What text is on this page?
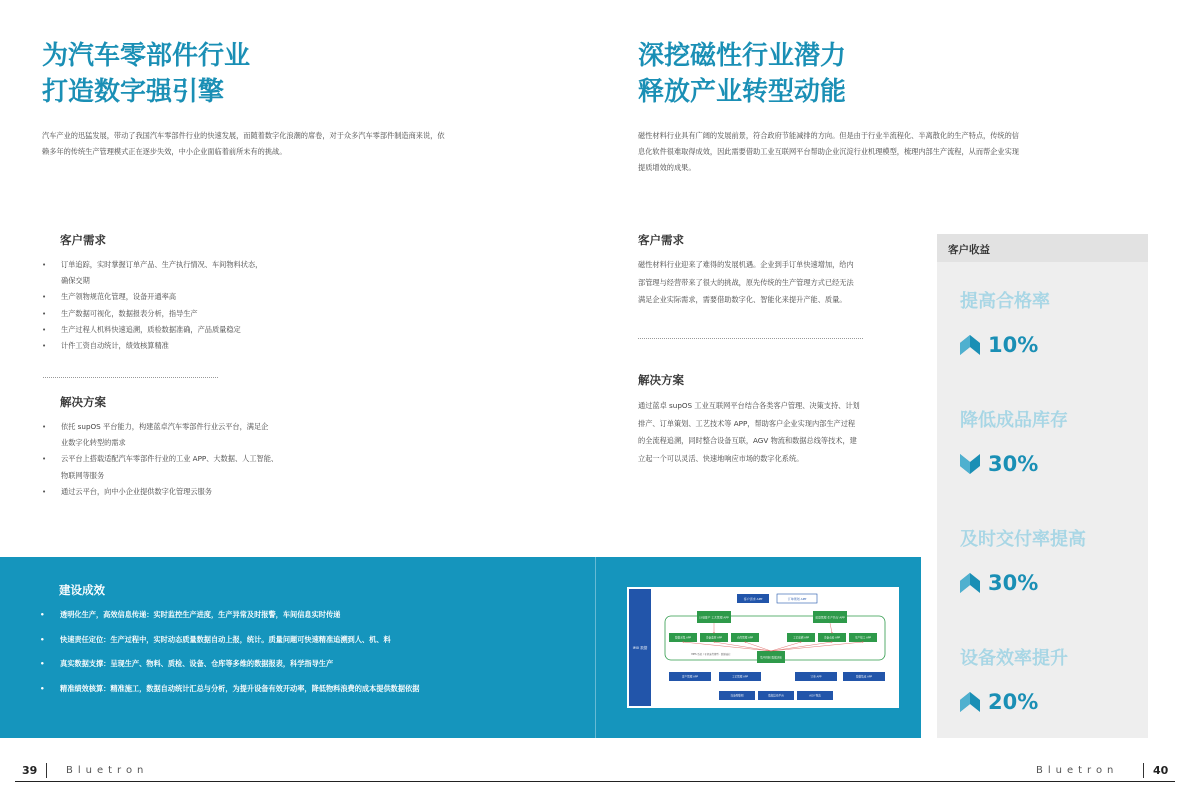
为汽车零部件行业
打造数字强引擎
汽车产业的迅猛发展，带动了我国汽车零部件行业的快速发展，而随着数字化浪潮的席卷，对于众多汽车零部件制造商来说，依
赖多年的传统生产管理模式正在逐步失效，中小企业面临着前所未有的挑战。
客户需求
• 订单追踪，实时掌握订单产品、生产执行情况、车间物料状态，
确保交期
• 生产领物规范化管理，设备开通率高
• 生产数据可视化，数据报表分析，指导生产
• 生产过程人机料快速追溯，质检数据准确，产品质量稳定
• 计件工资自动统计，绩效核算精准
解决方案
• 依托 supOS 平台能力，构建蓝卓汽车零部件行业云平台，满足企
业数字化转型的需求
• 云平台上搭载适配汽车零部件行业的工业 APP、大数据、人工智能、
物联网等服务
• 通过云平台，向中小企业提供数字化管理云服务
深挖磁性行业潜力
释放产业转型动能
磁性材料行业具有广阔的发展前景，符合政府节能减排的方向。但是由于行业半流程化、半离散化的生产特点，传统的信
息化软件很难取得成效，因此需要借助工业互联网平台帮助企业沉淀行业机理模型，梳理内部生产流程，从而帮企业实现
提质增效的成果。
客户需求
磁性材料行业迎来了难得的发展机遇。企业到手订单快速增加，给内
部管理与经营带来了很大的挑战，原先传统的生产管理方式已经无法
满足企业实际需求，需要借助数字化、智能化来提升产能、质量。
解决方案
通过蓝卓 supOS 工业互联网平台结合各类客户管理、决策支持、计划
排产、订单策划、工艺技术等 APP，帮助客户企业实现内部生产过程
的全流程追溯，同时整合设备互联，AGV 物流和数据总线等技术，建
立起一个可以灵活、快速地响应市场的数字化系统。
建设成效
• 透明化生产，高效信息传递：实时监控生产进度，生产异常及时报警，车间信息实时传递
• 快速责任定位：生产过程中，实时动态质量数据自动上报，统计。质量问题可快速精准追溯到人、机、料
• 真实数据支撑：呈现生产、物料、质检、设备、仓库等多维的数据报表，科学指导生产
• 精准绩效核算：精准施工，数据自动统计汇总与分析，为提升设备有效开动率，降低物料浪费的成本提供数据依据
IM0 数据
客户需求 APP	订单策划 APP
计划排产 工艺管理 APP	质量管理 生产执行 APP
数据采集 APP	设备监控 APP	仓库管理 APP	工艺追溯 APP	设备点检 APP	生产报工 APP
集中控制 数据决策
MES 系统 / 业务流程模型 · 数据流转
客户管理 APP	工艺管理 APP	订单 APP	数据集成 APP
设备物联网	数据总线平台	AGV 物流
客户收益
提高合格率
10%
降低成品库存
30%
及时交付率提高
30%
设备效率提升
20%
39	Bluetron	Bluetron	40
